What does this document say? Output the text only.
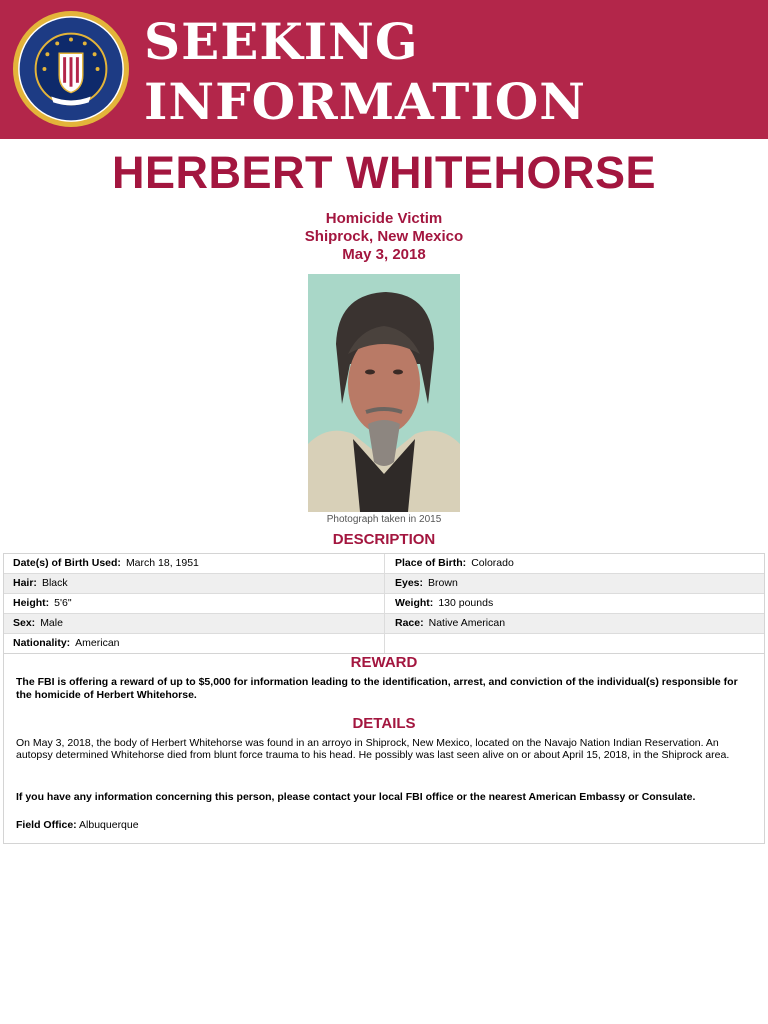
SEEKING
INFORMATION
HERBERT WHITEHORSE
Homicide Victim
Shiprock, New Mexico
May 3, 2018
Photograph taken in 2015
DESCRIPTION
Date(s) of Birth Used: March 18, 1951	Place of Birth: Colorado
Hair: Black	Eyes: Brown
Height: 5'6"	Weight: 130 pounds
Sex: Male	Race: Native American
Nationality: American
REWARD
The FBI is offering a reward of up to $5,000 for information leading to the identification, arrest, and conviction of the individual(s) responsible for the homicide of Herbert Whitehorse.
DETAILS
On May 3, 2018, the body of Herbert Whitehorse was found in an arroyo in Shiprock, New Mexico, located on the Navajo Nation Indian Reservation. An autopsy determined Whitehorse died from blunt force trauma to his head. He possibly was last seen alive on or about April 15, 2018, in the Shiprock area.
If you have any information concerning this person, please contact your local FBI office or the nearest American Embassy or Consulate.
Field Office: Albuquerque
